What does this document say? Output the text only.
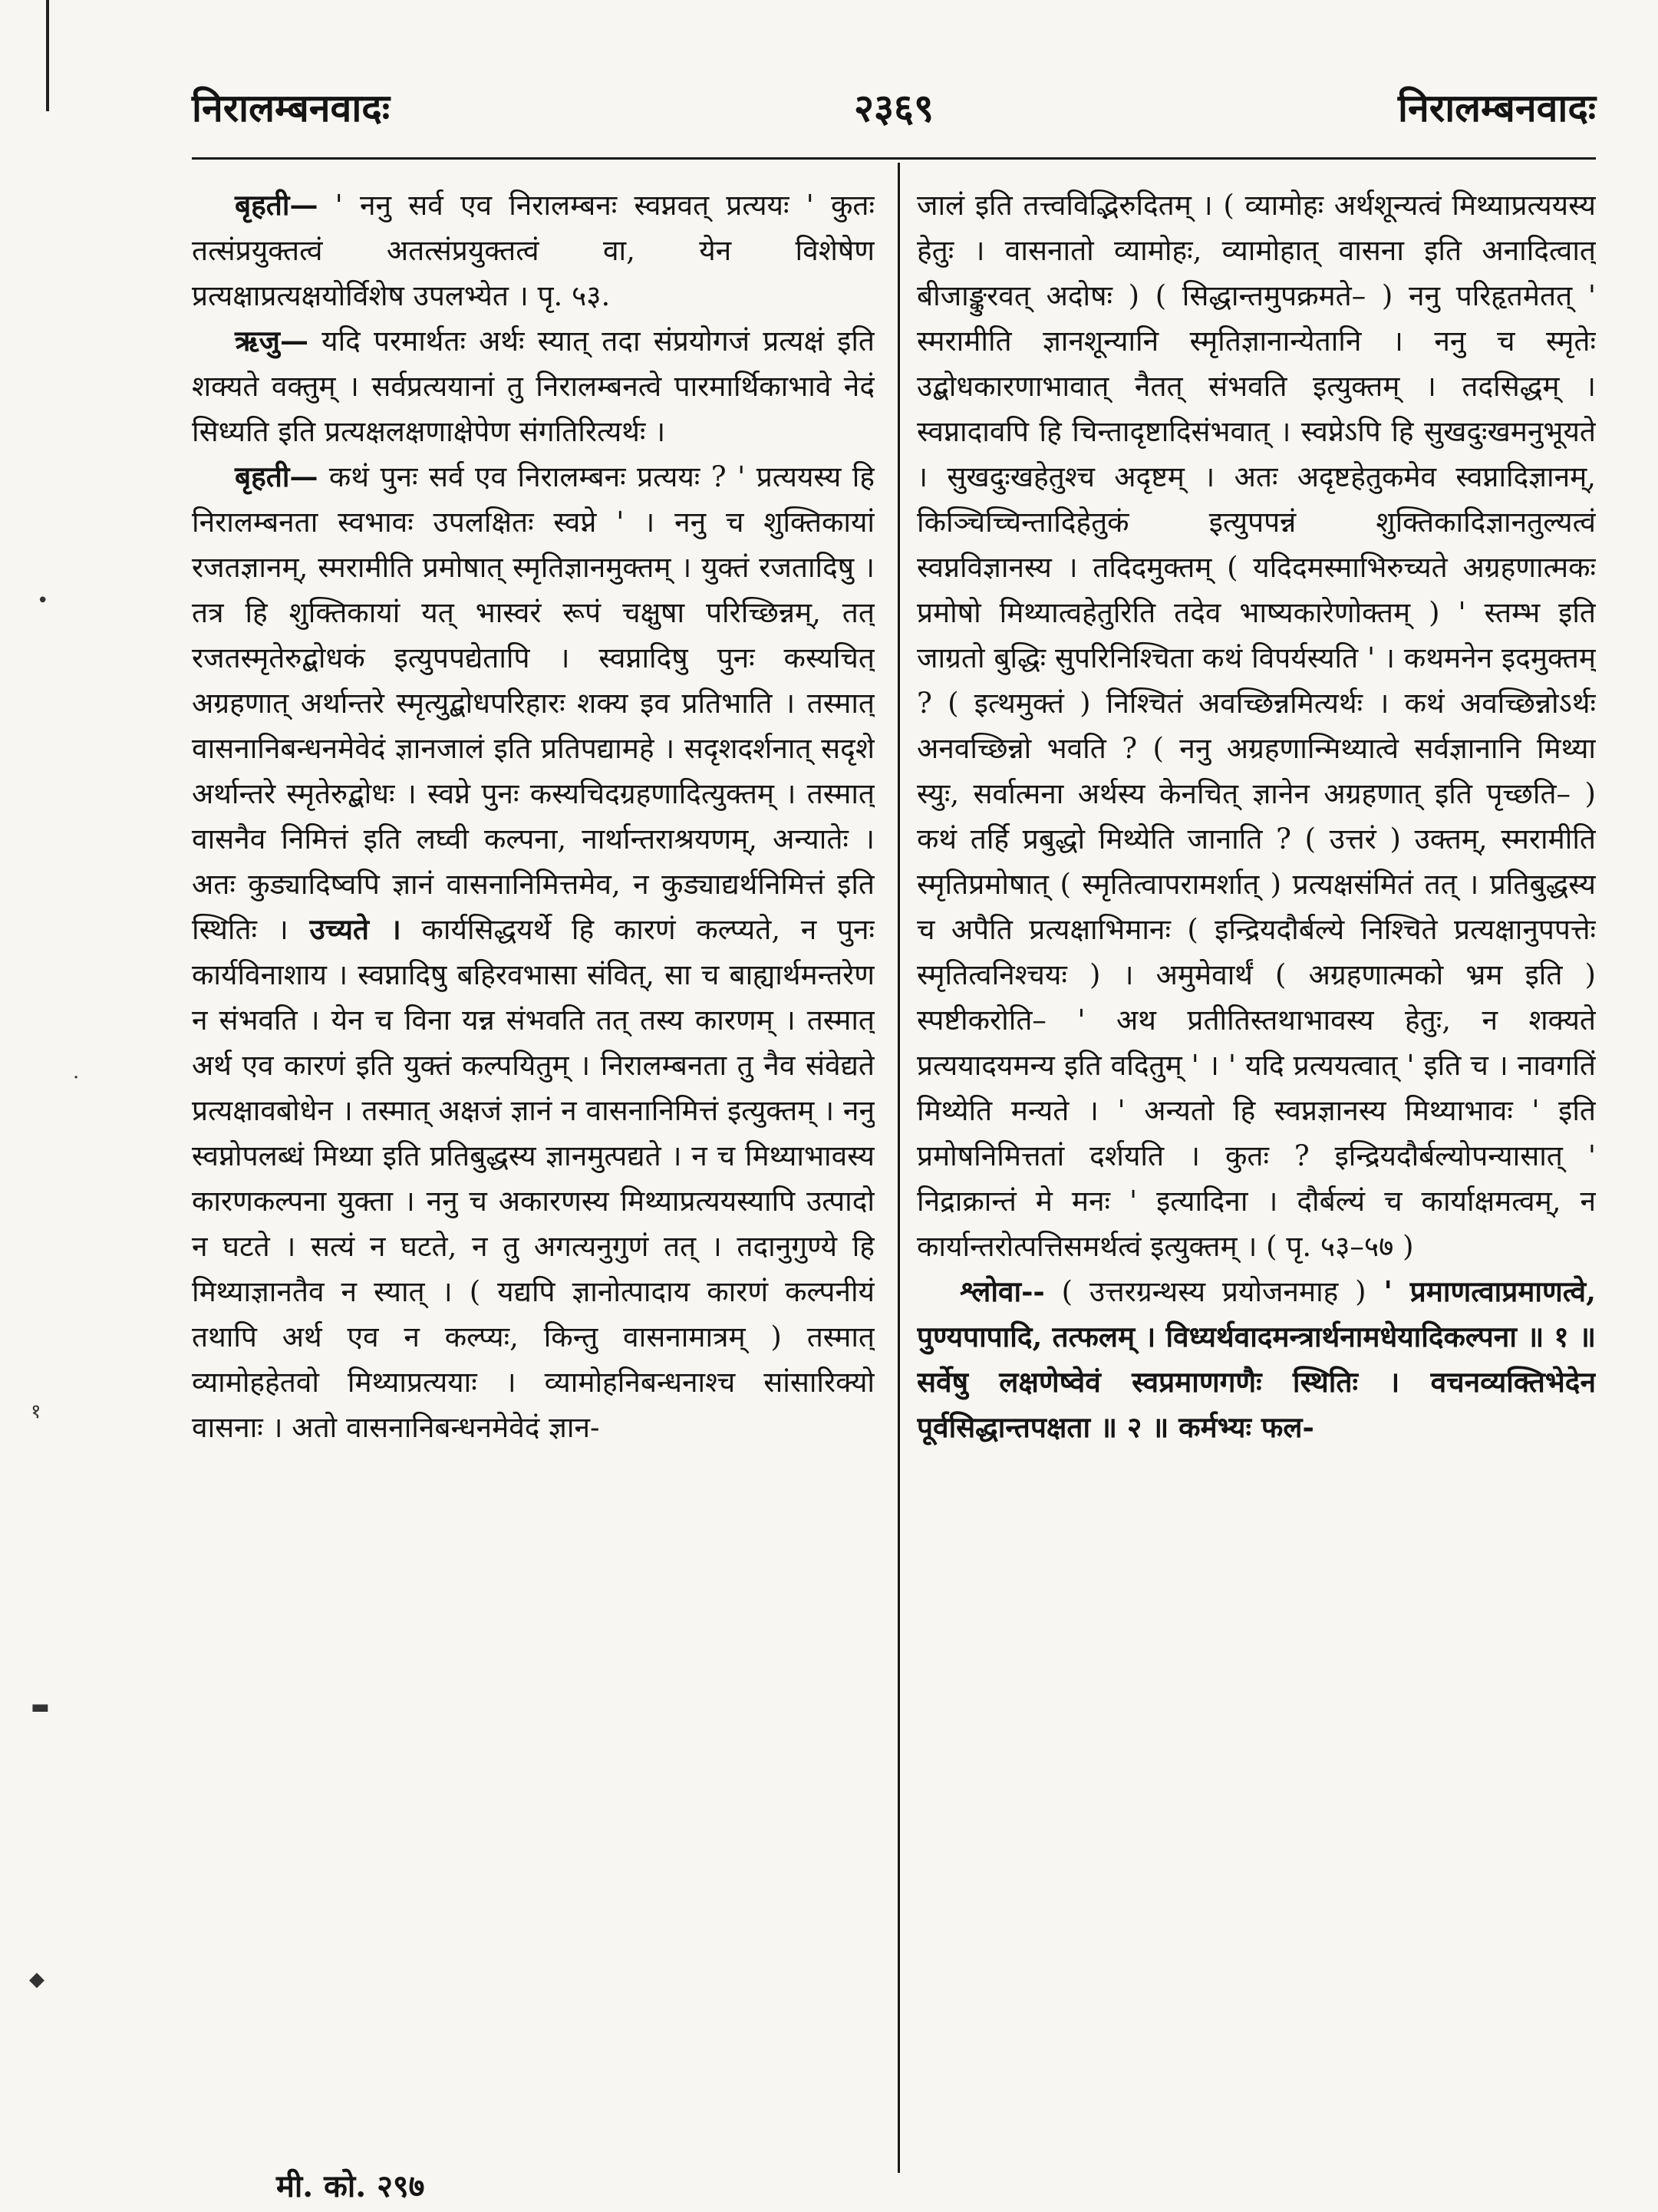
१
•
·
▬
◆
निरालम्बनवादः	२३६९	निरालम्बनवादः

बृहती— ' ननु सर्व एव निरालम्बनः स्वप्नवत् प्रत्ययः ' कुतः तत्संप्रयुक्तत्वं अतत्संप्रयुक्तत्वं वा, येन विशेषेण प्रत्यक्षाप्रत्यक्षयोर्विशेष उपलभ्येत । पृ. ५३.

ऋजु— यदि परमार्थतः अर्थः स्यात् तदा संप्रयोगजं प्रत्यक्षं इति शक्यते वक्तुम् । सर्वप्रत्ययानां तु निरालम्बनत्वे पारमार्थिकाभावे नेदं सिध्यति इति प्रत्यक्षलक्षणाक्षेपेण संगतिरित्यर्थः ।

बृहती— कथं पुनः सर्व एव निरालम्बनः प्रत्ययः ? ' प्रत्ययस्य हि निरालम्बनता स्वभावः उपलक्षितः स्वप्ने ' । ननु च शुक्तिकायां रजतज्ञानम्, स्मरामीति प्रमोषात् स्मृतिज्ञानमुक्तम् । युक्तं रजतादिषु । तत्र हि शुक्तिकायां यत् भास्वरं रूपं चक्षुषा परिच्छिन्नम्, तत् रजतस्मृतेरुद्बोधकं इत्युपपद्येतापि । स्वप्नादिषु पुनः कस्यचित् अग्रहणात् अर्थान्तरे स्मृत्युद्बोधपरिहारः शक्य इव प्रतिभाति । तस्मात् वासनानिबन्धनमेवेदं ज्ञानजालं इति प्रतिपद्यामहे । सदृशदर्शनात् सदृशे अर्थान्तरे स्मृतेरुद्बोधः । स्वप्ने पुनः कस्यचिदग्रहणादित्युक्तम् । तस्मात् वासनैव निमित्तं इति लघ्वी कल्पना, नार्थान्तराश्रयणम्, अन्यातेः । अतः कुड्यादिष्वपि ज्ञानं वासनानिमित्तमेव, न कुड्याद्यर्थनिमित्तं इति स्थितिः । उच्यते । कार्यसिद्धयर्थे हि कारणं कल्प्यते, न पुनः कार्यविनाशाय । स्वप्नादिषु बहिरवभासा संवित्, सा च बाह्यार्थमन्तरेण न संभवति । येन च विना यन्न संभवति तत् तस्य कारणम् । तस्मात् अर्थ एव कारणं इति युक्तं कल्पयितुम् । निरालम्बनता तु नैव संवेद्यते प्रत्यक्षावबोधेन । तस्मात् अक्षजं ज्ञानं न वासनानिमित्तं इत्युक्तम् । ननु स्वप्नोपलब्धं मिथ्या इति प्रतिबुद्धस्य ज्ञानमुत्पद्यते । न च मिथ्याभावस्य कारणकल्पना युक्ता । ननु च अकारणस्य मिथ्याप्रत्ययस्यापि उत्पादो न घटते । सत्यं न घटते, न तु अगत्यनुगुणं तत् । तदानुगुण्ये हि मिथ्याज्ञानतैव न स्यात् । ( यद्यपि ज्ञानोत्पादाय कारणं कल्पनीयं तथापि अर्थ एव न कल्प्यः, किन्तु वासनामात्रम् ) तस्मात् व्यामोहहेतवो मिथ्याप्रत्ययाः । व्यामोहनिबन्धनाश्च सांसारिक्यो वासनाः । अतो वासनानिबन्धनमेवेदं ज्ञान-

जालं इति तत्त्वविद्भिरुदितम् । ( व्यामोहः अर्थशून्यत्वं मिथ्याप्रत्ययस्य हेतुः । वासनातो व्यामोहः, व्यामोहात् वासना इति अनादित्वात् बीजाङ्कुरवत् अदोषः ) ( सिद्धान्तमुपक्रमते– ) ननु परिहृतमेतत् ' स्मरामीति ज्ञानशून्यानि स्मृतिज्ञानान्येतानि । ननु च स्मृतेः उद्बोधकारणाभावात् नैतत् संभवति इत्युक्तम् । तदसिद्धम् । स्वप्नादावपि हि चिन्तादृष्टादिसंभवात् । स्वप्नेऽपि हि सुखदुःखमनुभूयते । सुखदुःखहेतुश्च अदृष्टम् । अतः अदृष्टहेतुकमेव स्वप्नादिज्ञानम्, किञ्चिच्चिन्तादिहेतुकं इत्युपपन्नं शुक्तिकादिज्ञानतुल्यत्वं स्वप्नविज्ञानस्य । तदिदमुक्तम् ( यदिदमस्माभिरुच्यते अग्रहणात्मकः प्रमोषो मिथ्यात्वहेतुरिति तदेव भाष्यकारेणोक्तम् ) ' स्तम्भ इति जाग्रतो बुद्धिः सुपरिनिश्चिता कथं विपर्यस्यति ' । कथमनेन इदमुक्तम् ? ( इत्थमुक्तं ) निश्चितं अवच्छिन्नमित्यर्थः । कथं अवच्छिन्नोऽर्थः अनवच्छिन्नो भवति ? ( ननु अग्रहणान्मिथ्यात्वे सर्वज्ञानानि मिथ्या स्युः, सर्वात्मना अर्थस्य केनचित् ज्ञानेन अग्रहणात् इति पृच्छति– ) कथं तर्हि प्रबुद्धो मिथ्येति जानाति ? ( उत्तरं ) उक्तम्, स्मरामीति स्मृतिप्रमोषात् ( स्मृतित्वापरामर्शात् ) प्रत्यक्षसंमितं तत् । प्रतिबुद्धस्य च अपैति प्रत्यक्षाभिमानः ( इन्द्रियदौर्बल्ये निश्चिते प्रत्यक्षानुपपत्तेः स्मृतित्वनिश्चयः ) । अमुमेवार्थं ( अग्रहणात्मको भ्रम इति ) स्पष्टीकरोति– ' अथ प्रतीतिस्तथाभावस्य हेतुः, न शक्यते प्रत्ययादयमन्य इति वदितुम् ' । ' यदि प्रत्ययत्वात् ' इति च । नावगतिं मिथ्येति मन्यते । ' अन्यतो हि स्वप्नज्ञानस्य मिथ्याभावः ' इति प्रमोषनिमित्ततां दर्शयति । कुतः ? इन्द्रियदौर्बल्योपन्यासात् ' निद्राक्रान्तं मे मनः ' इत्यादिना । दौर्बल्यं च कार्याक्षमत्वम्, न कार्यान्तरोत्पत्तिसमर्थत्वं इत्युक्तम् । ( पृ. ५३–५७ )

श्लोवा-- ( उत्तरग्रन्थस्य प्रयोजनमाह ) ' प्रमाणत्वाप्रमाणत्वे, पुण्यपापादि, तत्फलम् । विध्यर्थवादमन्त्रार्थनामधेयादिकल्पना ॥ १ ॥ सर्वेषु लक्षणेष्वेवं स्वप्रमाणगणैः स्थितिः । वचनव्यक्तिभेदेन पूर्वसिद्धान्तपक्षता ॥ २ ॥ कर्मभ्यः फल-

मी. को. २९७
